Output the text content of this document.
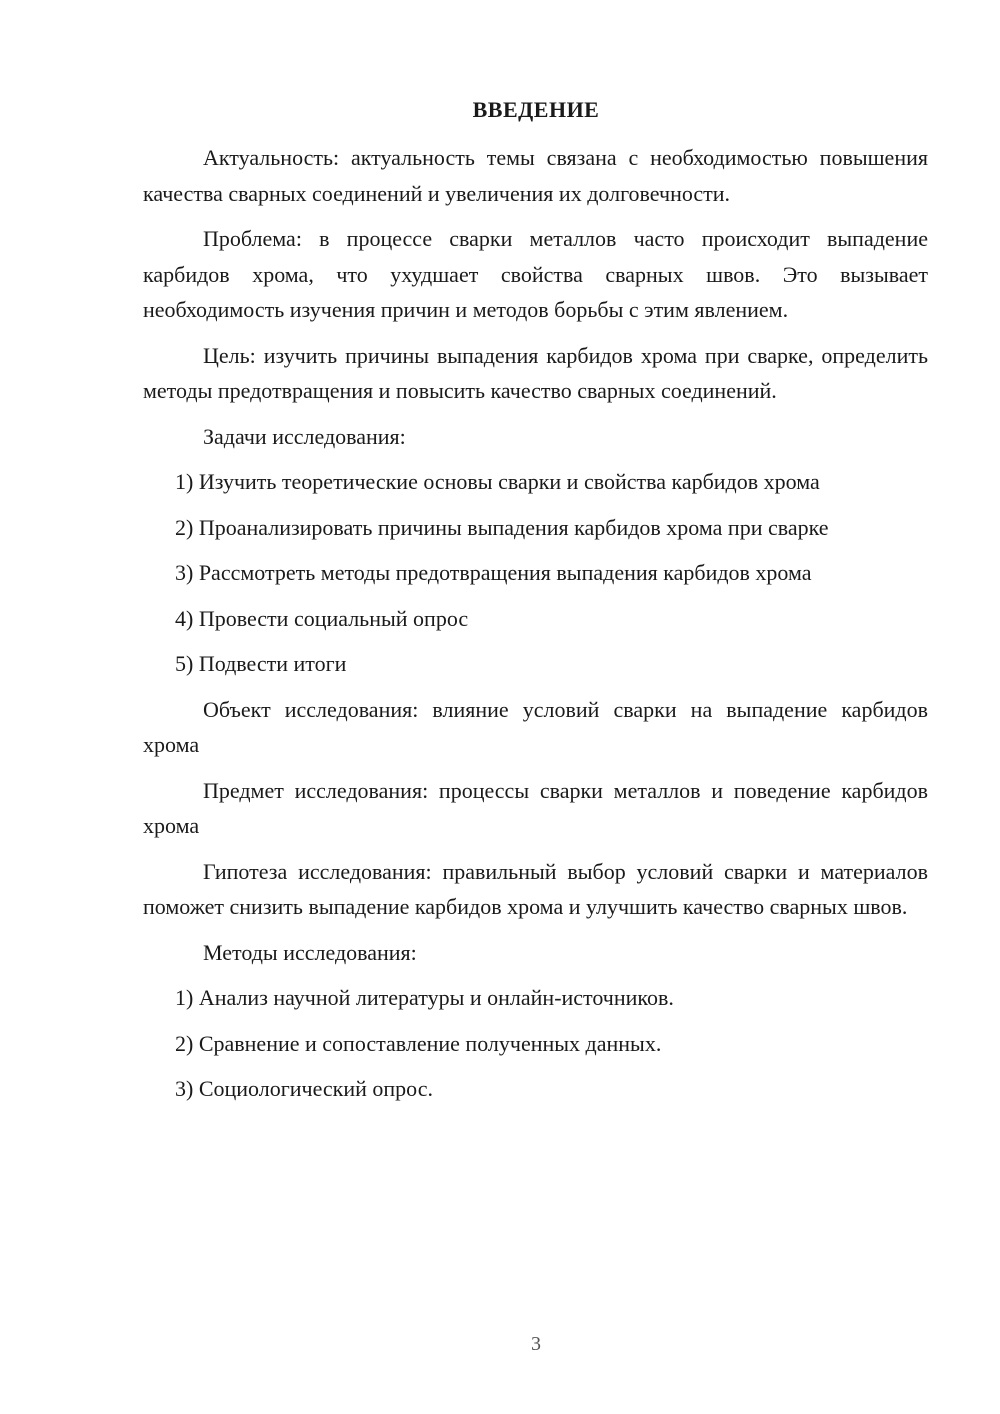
ВВЕДЕНИЕ

Актуальность: актуальность темы связана с необходимостью повышения качества сварных соединений и увеличения их долговечности.

Проблема: в процессе сварки металлов часто происходит выпадение карбидов хрома, что ухудшает свойства сварных швов. Это вызывает необходимость изучения причин и методов борьбы с этим явлением.

Цель: изучить причины выпадения карбидов хрома при сварке, определить методы предотвращения и повысить качество сварных соединений.

Задачи исследования:

1) Изучить теоретические основы сварки и свойства карбидов хрома

2) Проанализировать причины выпадения карбидов хрома при сварке

3) Рассмотреть методы предотвращения выпадения карбидов хрома

4) Провести социальный опрос

5) Подвести итоги

Объект исследования: влияние условий сварки на выпадение карбидов хрома

Предмет исследования: процессы сварки металлов и поведение карбидов хрома

Гипотеза исследования: правильный выбор условий сварки и материалов поможет снизить выпадение карбидов хрома и улучшить качество сварных швов.

Методы исследования:

1) Анализ научной литературы и онлайн-источников.

2) Сравнение и сопоставление полученных данных.

3) Социологический опрос.

3
